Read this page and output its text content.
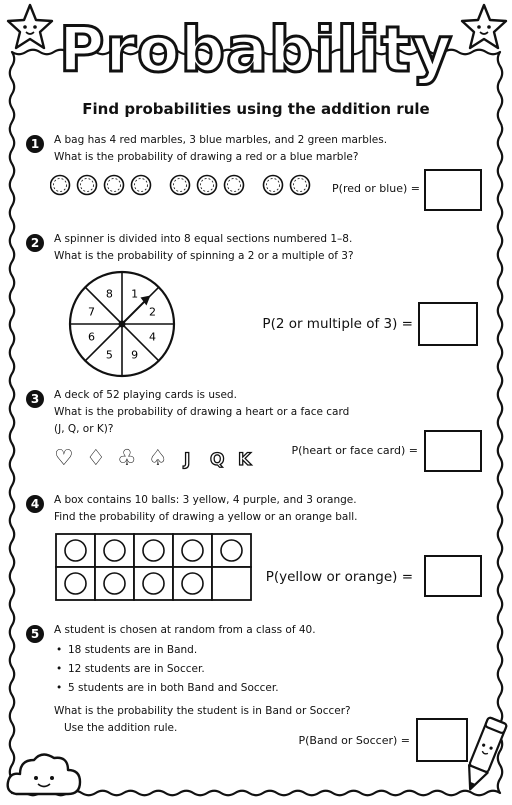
Probability
Find probabilities using the addition rule
1	A bag has 4 red marbles, 3 blue marbles, and 2 green marbles.
What is the probability of drawing a red or a blue marble?
P(red or blue) =
2	A spinner is divided into 8 equal sections numbered 1–8.
What is the probability of spinning a 2 or a multiple of 3?
1
2
4
9
5
6
7
8
P(2 or multiple of 3) =
3	A deck of 52 playing cards is used.
What is the probability of drawing a heart or a face card
(J, Q, or K)?
♡ ♢ ♧ ♤ J Q K	P(heart or face card) =
4	A box contains 10 balls: 3 yellow, 4 purple, and 3 orange.
Find the probability of drawing a yellow or an orange ball.
P(yellow or orange) =
5	A student is chosen at random from a class of 40.
• 18 students are in Band.
• 12 students are in Soccer.
• 5 students are in both Band and Soccer.
What is the probability the student is in Band or Soccer?
Use the addition rule.
P(Band or Soccer) =
